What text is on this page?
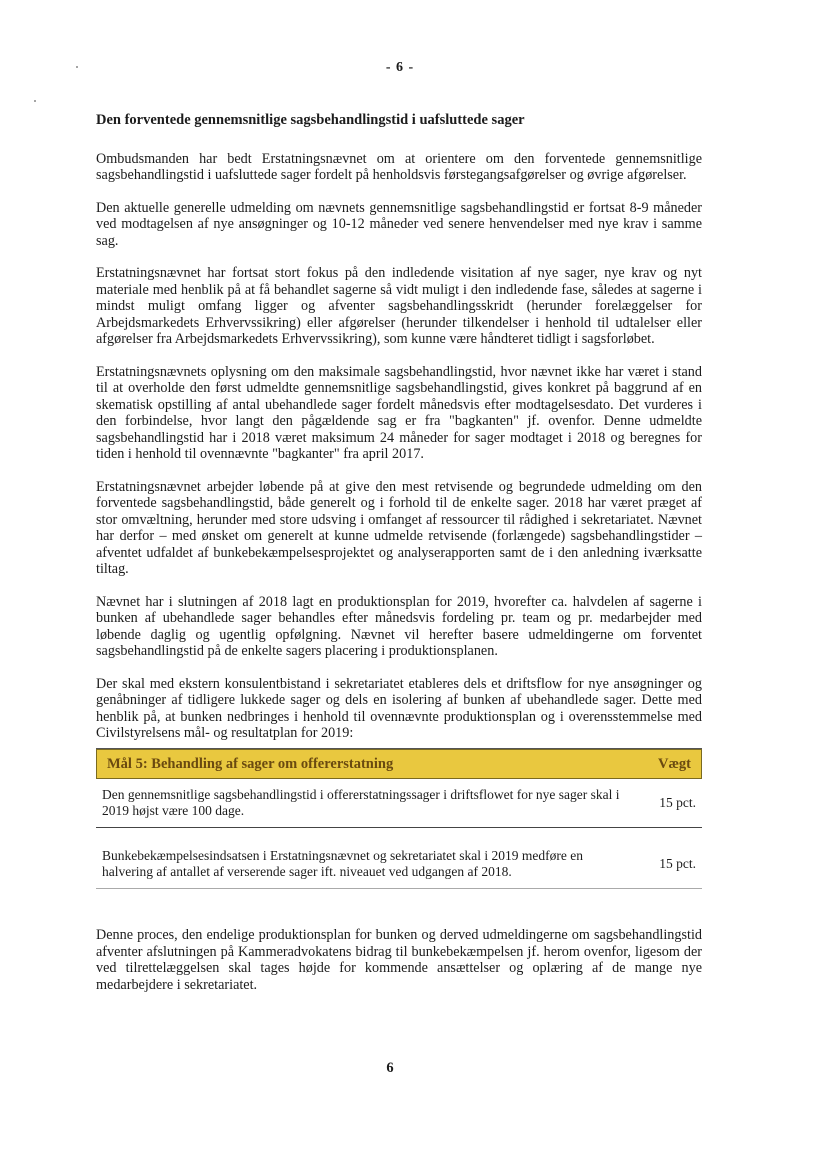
- 6 -
Den forventede gennemsnitlige sagsbehandlingstid i uafsluttede sager

Ombudsmanden har bedt Erstatningsnævnet om at orientere om den forventede gennemsnitlige sagsbehandlingstid i uafsluttede sager fordelt på henholdsvis førstegangsafgørelser og øvrige afgørelser.

Den aktuelle generelle udmelding om nævnets gennemsnitlige sagsbehandlingstid er fortsat 8-9 måneder ved modtagelsen af nye ansøgninger og 10-12 måneder ved senere henvendelser med nye krav i samme sag.

Erstatningsnævnet har fortsat stort fokus på den indledende visitation af nye sager, nye krav og nyt materiale med henblik på at få behandlet sagerne så vidt muligt i den indledende fase, således at sagerne i mindst muligt omfang ligger og afventer sagsbehandlingsskridt (herunder forelæggelser for Arbejdsmarkedets Erhvervssikring) eller afgørelser (herunder tilkendelser i henhold til udtalelser eller afgørelser fra Arbejdsmarkedets Erhvervssikring), som kunne være håndteret tidligt i sagsforløbet.

Erstatningsnævnets oplysning om den maksimale sagsbehandlingstid, hvor nævnet ikke har været i stand til at overholde den først udmeldte gennemsnitlige sagsbehandlingstid, gives konkret på baggrund af en skematisk opstilling af antal ubehandlede sager fordelt månedsvis efter modtagelsesdato. Det vurderes i den forbindelse, hvor langt den pågældende sag er fra "bagkanten" jf. ovenfor. Denne udmeldte sagsbehandlingstid har i 2018 været maksimum 24 måneder for sager modtaget i 2018 og beregnes for tiden i henhold til ovennævnte "bagkanter" fra april 2017.

Erstatningsnævnet arbejder løbende på at give den mest retvisende og begrundede udmelding om den forventede sagsbehandlingstid, både generelt og i forhold til de enkelte sager. 2018 har været præget af stor omvæltning, herunder med store udsving i omfanget af ressourcer til rådighed i sekretariatet. Nævnet har derfor – med ønsket om generelt at kunne udmelde retvisende (forlængede) sagsbehandlingstider – afventet udfaldet af bunkebekæmpelsesprojektet og analyserapporten samt de i den anledning iværksatte tiltag.

Nævnet har i slutningen af 2018 lagt en produktionsplan for 2019, hvorefter ca. halvdelen af sagerne i bunken af ubehandlede sager behandles efter månedsvis fordeling pr. team og pr. medarbejder med løbende daglig og ugentlig opfølgning. Nævnet vil herefter basere udmeldingerne om forventet sagsbehandlingstid på de enkelte sagers placering i produktionsplanen.

Der skal med ekstern konsulentbistand i sekretariatet etableres dels et driftsflow for nye ansøgninger og genåbninger af tidligere lukkede sager og dels en isolering af bunken af ubehandlede sager. Dette med henblik på, at bunken nedbringes i henhold til ovennævnte produktionsplan og i overensstemmelse med Civilstyrelsens mål- og resultatplan for 2019:

Mål 5: Behandling af sager om offererstatning	Vægt
Den gennemsnitlige sagsbehandlingstid i offererstatningssager i driftsflowet for nye sager skal i 2019 højst være 100 dage.
15 pct.
Bunkebekæmpelsesindsatsen i Erstatningsnævnet og sekretariatet skal i 2019 medføre en halvering af antallet af verserende sager ift. niveauet ved udgangen af 2018.
15 pct.

Denne proces, den endelige produktionsplan for bunken og derved udmeldingerne om sagsbehandlingstid afventer afslutningen på Kammeradvokatens bidrag til bunkebekæmpelsen jf. herom ovenfor, ligesom der ved tilrettelæggelsen skal tages højde for kommende ansættelser og oplæring af de mange nye medarbejdere i sekretariatet.

6
